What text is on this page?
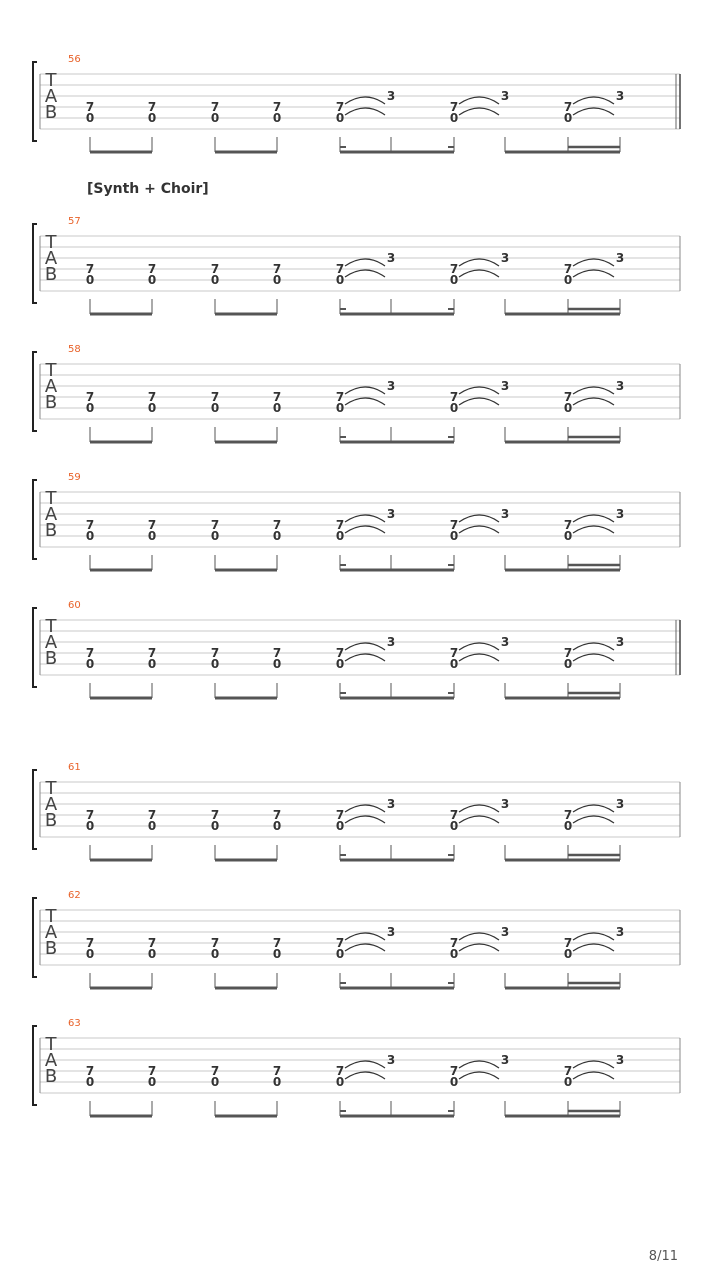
[Synth + Choir]
T
A
B
56
7
0
7
0
7
0
7
0
7
0
3
7
0
3
7
0
3
T
A
B
57
7
0
7
0
7
0
7
0
7
0
3
7
0
3
7
0
3
T
A
B
58
7
0
7
0
7
0
7
0
7
0
3
7
0
3
7
0
3
T
A
B
59
7
0
7
0
7
0
7
0
7
0
3
7
0
3
7
0
3
T
A
B
60
7
0
7
0
7
0
7
0
7
0
3
7
0
3
7
0
3
T
A
B
61
7
0
7
0
7
0
7
0
7
0
3
7
0
3
7
0
3
T
A
B
62
7
0
7
0
7
0
7
0
7
0
3
7
0
3
7
0
3
T
A
B
63
7
0
7
0
7
0
7
0
7
0
3
7
0
3
7
0
3
8/11
